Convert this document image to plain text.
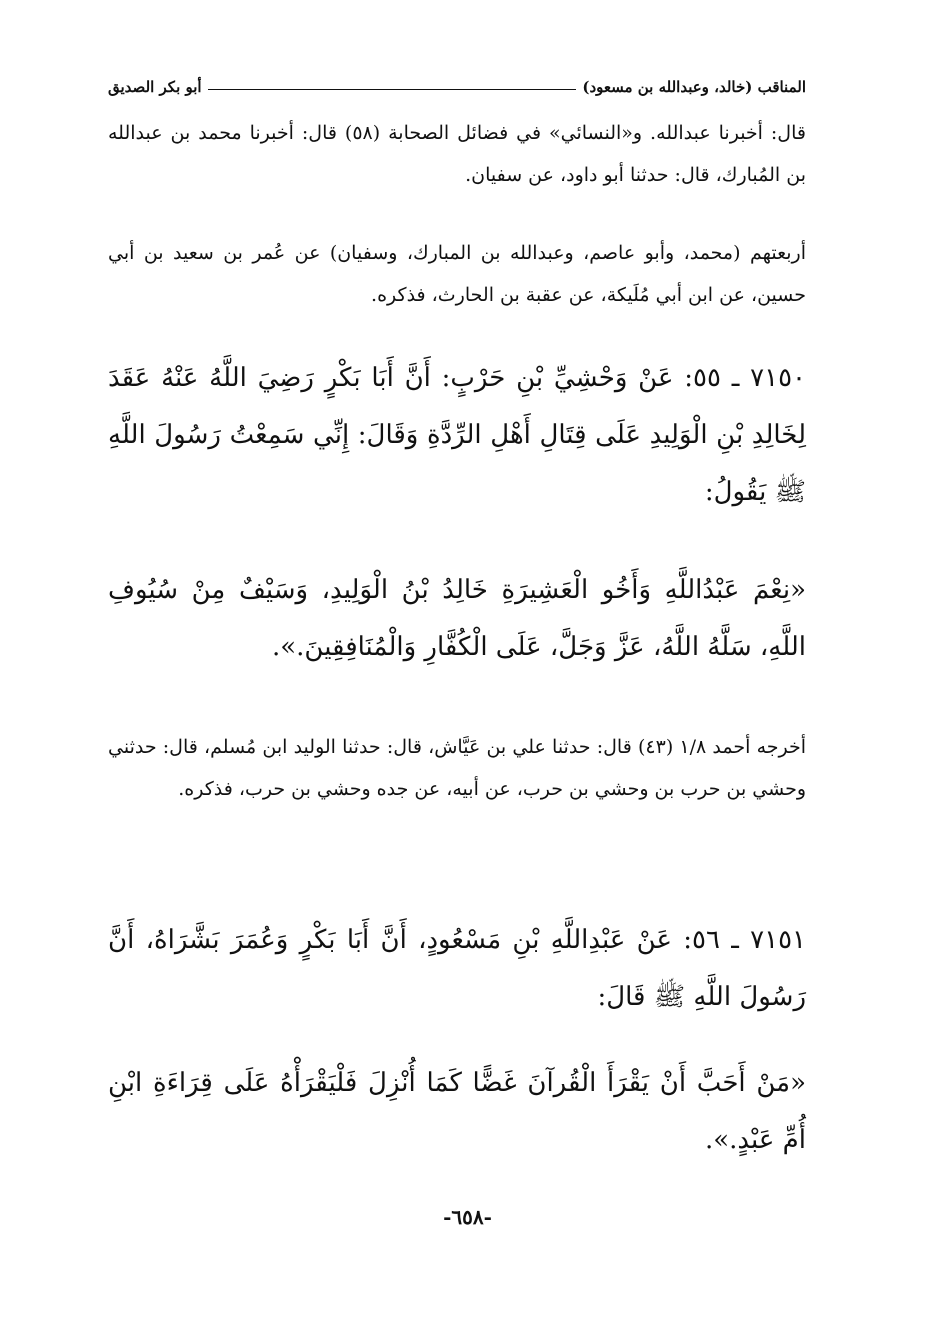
المناقب (خالد، وعبدالله بن مسعود)
أبو بكر الصديق

قال: أخبرنا عبدالله. و«النسائي» في فضائل الصحابة (٥٨) قال: أخبرنا محمد بن عبدالله بن المُبارك، قال: حدثنا أبو داود، عن سفيان.

أربعتهم (محمد، وأبو عاصم، وعبدالله بن المبارك، وسفيان) عن عُمر بن سعيد بن أبي حسين، عن ابن أبي مُلَيكة، عن عقبة بن الحارث، فذكره.

٧١٥٠ ـ ٥٥: عَنْ وَحْشِيِّ بْنِ حَرْبٍ: أَنَّ أَبَا بَكْرٍ رَضِيَ اللَّهُ عَنْهُ عَقَدَ لِخَالِدِ بْنِ الْوَلِيدِ عَلَى قِتَالِ أَهْلِ الرِّدَّةِ وَقَالَ: إِنِّي سَمِعْتُ رَسُولَ اللَّهِ ﷺ يَقُولُ:

«نِعْمَ عَبْدُاللَّهِ وَأَخُو الْعَشِيرَةِ خَالِدُ بْنُ الْوَلِيدِ، وَسَيْفٌ مِنْ سُيُوفِ اللَّهِ، سَلَّهُ اللَّهُ، عَزَّ وَجَلَّ، عَلَى الْكُفَّارِ وَالْمُنَافِقِينَ.».

أخرجه أحمد ١/٨ (٤٣) قال: حدثنا علي بن عَيَّاش، قال: حدثنا الوليد ابن مُسلم، قال: حدثني وحشي بن حرب بن وحشي بن حرب، عن أبيه، عن جده وحشي بن حرب، فذكره.

٧١٥١ ـ ٥٦: عَنْ عَبْدِاللَّهِ بْنِ مَسْعُودٍ، أَنَّ أَبَا بَكْرٍ وَعُمَرَ بَشَّرَاهُ، أَنَّ رَسُولَ اللَّهِ ﷺ قَالَ:

«مَنْ أَحَبَّ أَنْ يَقْرَأَ الْقُرآنَ غَضًّا كَمَا أُنْزِلَ فَلْيَقْرَأْهُ عَلَى قِرَاءَةِ ابْنِ أُمِّ عَبْدٍ.».

-٦٥٨-
